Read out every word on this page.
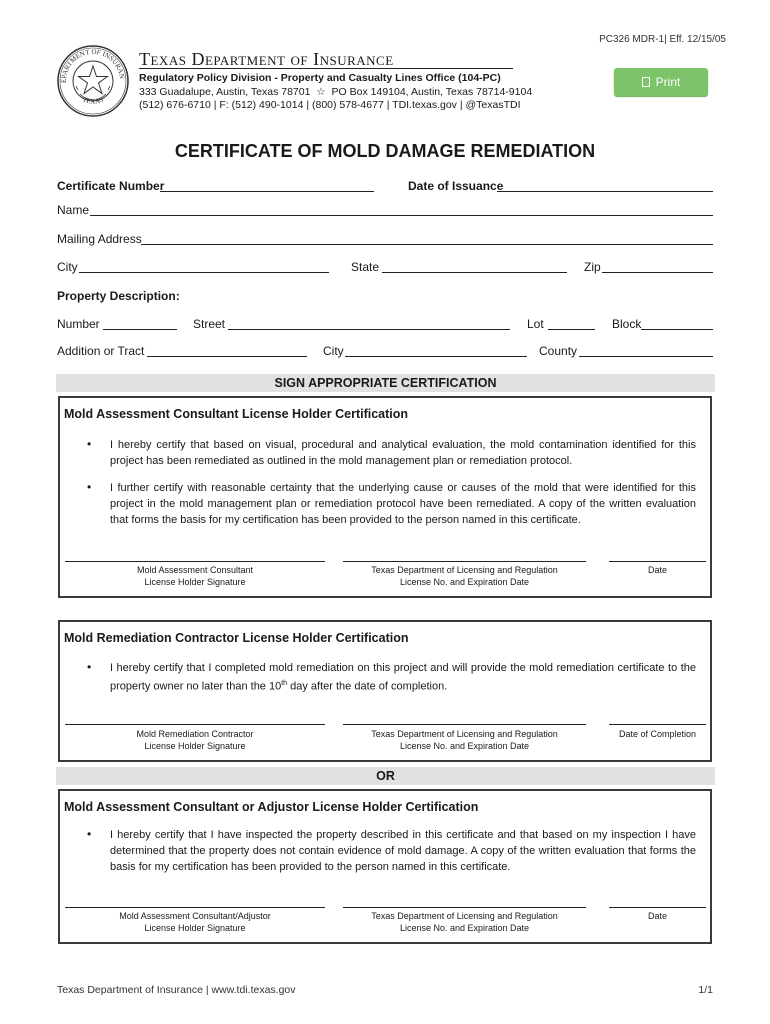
PC326 MDR-1| Eff. 12/15/05
EPARTMENT OF INSURAN
TEXAS
Texas Department of Insurance
Regulatory Policy Division - Property and Casualty Lines Office (104-PC)
333 Guadalupe, Austin, Texas 78701  ☆  PO Box 149104, Austin, Texas 78714-9104
(512) 676-6710 | F: (512) 490-1014 | (800) 578-4677 | TDI.texas.gov | @TexasTDI
Print
CERTIFICATE OF MOLD DAMAGE REMEDIATION
Certificate Number	Date of Issuance
Name
Mailing Address
City	State	Zip
Property Description:
Number	Street	Lot	Block
Addition or Tract	City	County
SIGN APPROPRIATE CERTIFICATION
Mold Assessment Consultant License Holder Certification
• I hereby certify that based on visual, procedural and analytical evaluation, the mold contamination identified for this project has been remediated as outlined in the mold management plan or remediation protocol.
• I further certify with reasonable certainty that the underlying cause or causes of the mold that were identified for this project in the mold management plan or remediation protocol have been remediated. A copy of the written evaluation that forms the basis for my certification has been provided to the person named in this certificate.
Mold Assessment Consultant
License Holder Signature
Texas Department of Licensing and Regulation
License No. and Expiration Date
Date
Mold Remediation Contractor License Holder Certification
• I hereby certify that I completed mold remediation on this project and will provide the mold remediation certificate to the property owner no later than the 10th day after the date of completion.
Mold Remediation Contractor
License Holder Signature
Texas Department of Licensing and Regulation
License No. and Expiration Date
Date of Completion
OR
Mold Assessment Consultant or Adjustor License Holder Certification
• I hereby certify that I have inspected the property described in this certificate and that based on my inspection I have determined that the property does not contain evidence of mold damage. A copy of the written evaluation that forms the basis for my certification has been provided to the person named in this certificate.
Mold Assessment Consultant/Adjustor
License Holder Signature
Texas Department of Licensing and Regulation
License No. and Expiration Date
Date
Texas Department of Insurance | www.tdi.texas.gov	1/1
